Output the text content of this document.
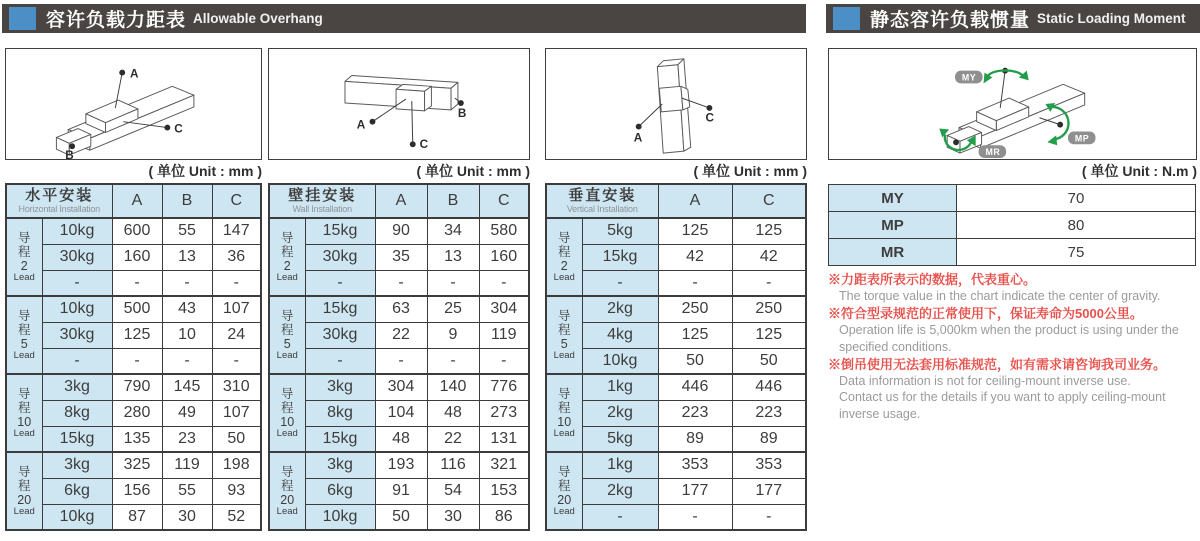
容许负载力距表 Allowable Overhang	静态容许负载惯量 Static Loading Moment
A
B
C	A
B
C
A
C
MY
MP
MR
( 单位 Unit : mm )	( 单位 Unit : mm )	( 单位 Unit : mm )	( 单位 Unit : N.m )
水平安装
Horizontal Installation		A	B	C

导
程
2
Lead	10kg	600	55	147
	30kg	160	13	36
	-	-	-	-

导
程
5
Lead	10kg	500	43	107
	30kg	125	10	24
	-	-	-	-

导
程
10
Lead	3kg	790	145	310
	8kg	280	49	107
	15kg	135	23	50

导
程
20
Lead	3kg	325	119	198
	6kg	156	55	93
	10kg	87	30	52
壁挂安装
Wall Installation		A	B	C

导
程
2
Lead	15kg	90	34	580
	30kg	35	13	160
	-	-	-	-

导
程
5
Lead	15kg	63	25	304
	30kg	22	9	119
	-	-	-	-

导
程
10
Lead	3kg	304	140	776
	8kg	104	48	273
	15kg	48	22	131

导
程
20
Lead	3kg	193	116	321
	6kg	91	54	153
	10kg	50	30	86
垂直安装
Vertical Installation		A	C

导
程
2
Lead	5kg	125	125
	15kg	42	42
	-	-	-

导
程
5
Lead	2kg	250	250
	4kg	125	125
	10kg	50	50

导
程
10
Lead	1kg	446	446
	2kg	223	223
	5kg	89	89

导
程
20
Lead	1kg	353	353
	2kg	177	177
	-	-	-
MY	70
MP	80
MR	75
※力距表所表示的数据，代表重心。
The torque value in the chart indicate the center of gravity.
※符合型录规范的正常使用下，保证寿命为5000公里。
Operation life is 5,000km when the product is using under the
specified conditions.
※倒吊使用无法套用标准规范，如有需求请咨询我司业务。
Data information is not for ceiling-mount inverse use.
Contact us for the details if you want to apply ceiling-mount
inverse usage.
